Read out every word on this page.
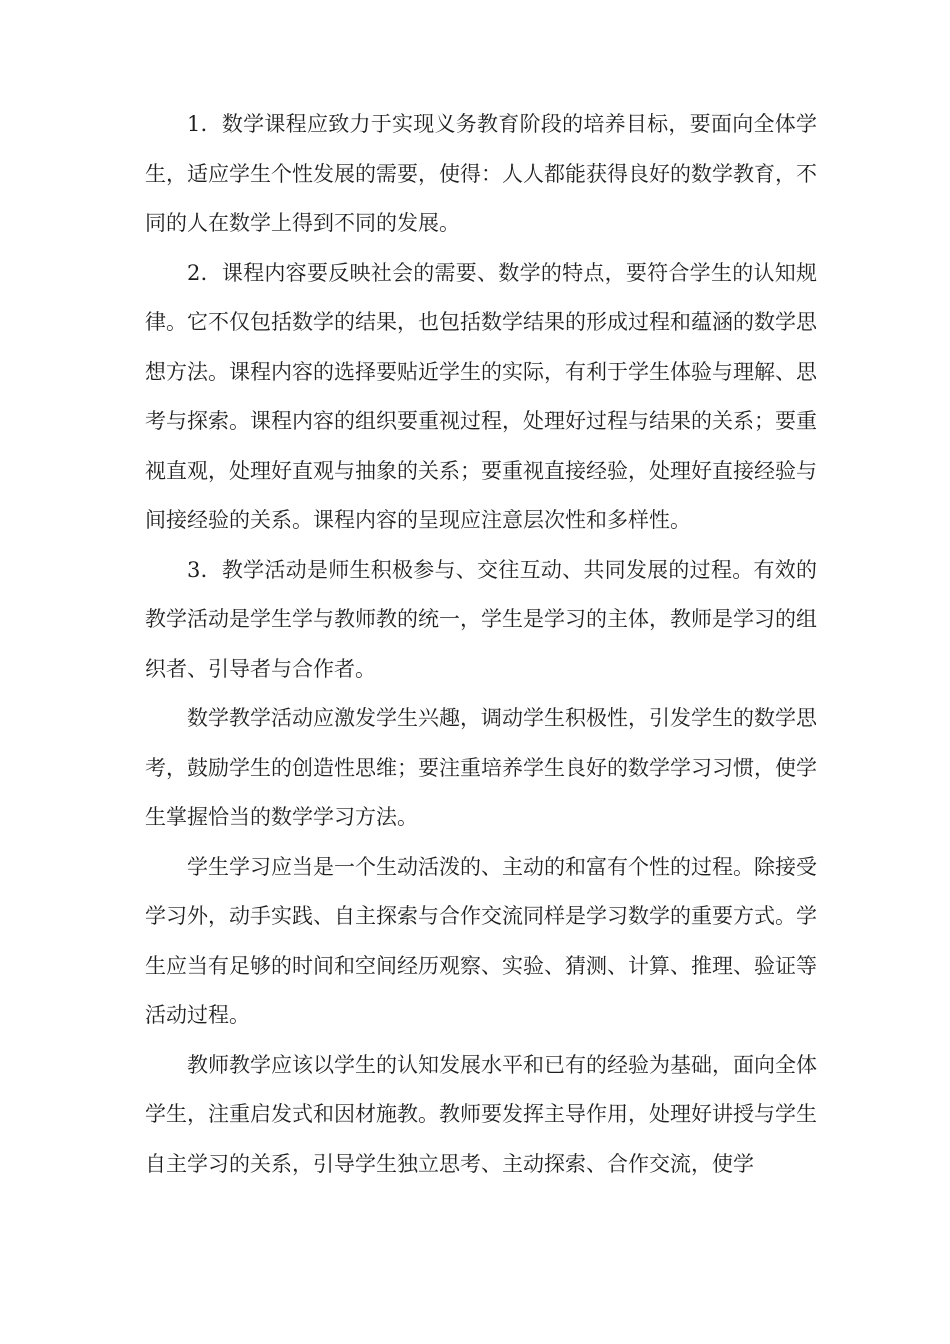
1．数学课程应致力于实现义务教育阶段的培养目标，要面向全体学生，适应学生个性发展的需要，使得：人人都能获得良好的数学教育，不同的人在数学上得到不同的发展。

2．课程内容要反映社会的需要、数学的特点，要符合学生的认知规律。它不仅包括数学的结果，也包括数学结果的形成过程和蕴涵的数学思想方法。课程内容的选择要贴近学生的实际，有利于学生体验与理解、思考与探索。课程内容的组织要重视过程，处理好过程与结果的关系；要重视直观，处理好直观与抽象的关系；要重视直接经验，处理好直接经验与间接经验的关系。课程内容的呈现应注意层次性和多样性。

3．教学活动是师生积极参与、交往互动、共同发展的过程。有效的教学活动是学生学与教师教的统一，学生是学习的主体，教师是学习的组织者、引导者与合作者。

数学教学活动应激发学生兴趣，调动学生积极性，引发学生的数学思考，鼓励学生的创造性思维；要注重培养学生良好的数学学习习惯，使学生掌握恰当的数学学习方法。

学生学习应当是一个生动活泼的、主动的和富有个性的过程。除接受学习外，动手实践、自主探索与合作交流同样是学习数学的重要方式。学生应当有足够的时间和空间经历观察、实验、猜测、计算、推理、验证等活动过程。

教师教学应该以学生的认知发展水平和已有的经验为基础，面向全体学生，注重启发式和因材施教。教师要发挥主导作用，处理好讲授与学生自主学习的关系，引导学生独立思考、主动探索、合作交流，使学
